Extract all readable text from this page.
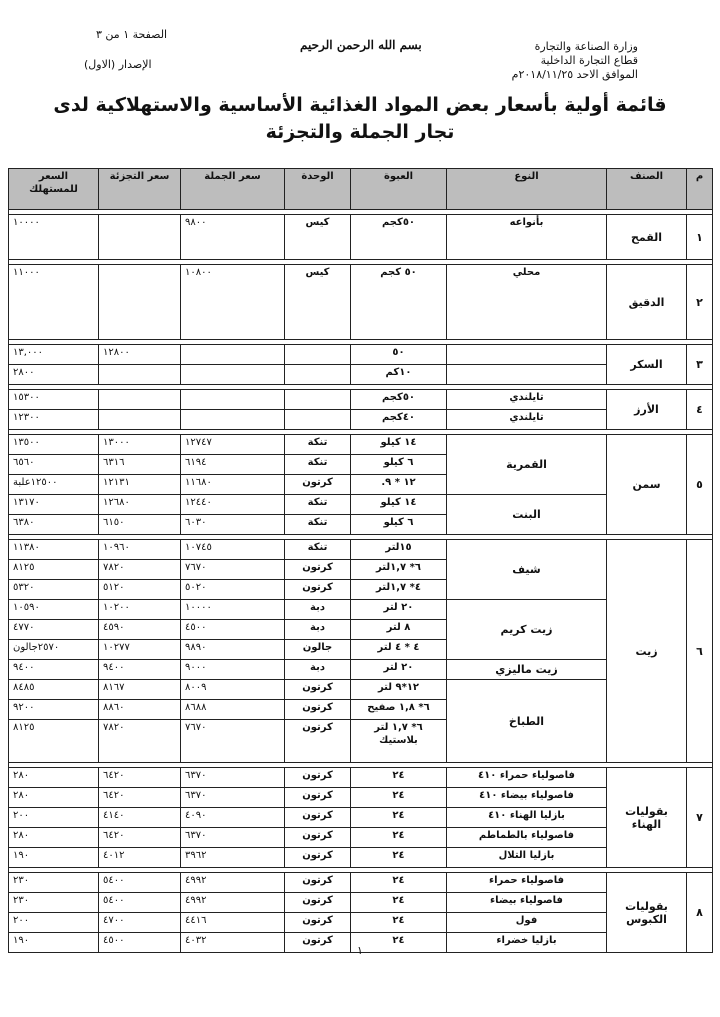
وزارة الصناعة والتجارة
قطاع التجارة الداخلية
الموافق الاحد ٢٠١٨/١١/٢٥م
بسم الله الرحمن الرحيم
الصفحة ١ من ٣
الإصدار (الاول)
قائمة أولية بأسعار بعض المواد الغذائية الأساسية والاستهلاكية لدى
تجار الجملة والتجزئة
م	الصنف	النوع	العبوة	الوحدة	سعر الجملة	سعر التجزئة	السعر للمستهلك

١	القمح	بأنواعه	٥٠كجم	كيس	٩٨٠٠		١٠٠٠٠

٢	الدقيق	محلي	٥٠ كجم	كيس	١٠٨٠٠		١١٠٠٠

٣	السكر		٥٠			١٢٨٠٠	١٣,٠٠٠
			١٠كم				٢٨٠٠

٤	الأرز	تايلندي	٥٠كجم				١٥٣٠٠
		تايلندي	٤٠كجم				١٢٣٠٠

٥	سمن	القمرية	١٤ كيلو	تنكة	١٢٧٤٧	١٣٠٠٠	١٣٥٠٠
			٦ كيلو	تنكة	٦١٩٤	٦٣١٦	٦٥٦٠
			١٢ * ٩.	كرتون	١١٦٨٠	١٢١٣١	١٢٥٠٠علبة
		البنت	١٤ كيلو	تنكة	١٢٤٤٠	١٢٦٨٠	١٣١٧٠
			٦ كيلو	تنكة	٦٠٣٠	٦١٥٠	٦٣٨٠

٦	زيت	شيف	١٥لتر	تنكة	١٠٧٤٥	١٠٩٦٠	١١٣٨٠
			٦* ١,٧لتر	كرتون	٧٦٧٠	٧٨٢٠	٨١٢٥
			٤* ١,٧لتر	كرتون	٥٠٢٠	٥١٢٠	٥٣٢٠
		زيت كريم	٢٠ لتر	دبة	١٠٠٠٠	١٠٢٠٠	١٠٥٩٠
			٨ لتر	دبة	٤٥٠٠	٤٥٩٠	٤٧٧٠
			٤ * ٤ لتر	جالون	٩٨٩٠	١٠٢٧٧	٢٥٧٠جالون
		زيت ماليزي	٢٠ لتر	دبة	٩٠٠٠	٩٤٠٠	٩٤٠٠
		الطباخ	١٢*٩ لتر	كرتون	٨٠٠٩	٨١٦٧	٨٤٨٥
			٦* ١,٨ صفيح	كرتون	٨٦٨٨	٨٨٦٠	٩٢٠٠
			٦* ١,٧ لتر بلاستيك	كرتون	٧٦٧٠	٧٨٢٠	٨١٢٥

٧	بقوليات الهناء	فاصولياء حمراء ٤١٠	٢٤	كرتون	٦٣٧٠	٦٤٢٠	٢٨٠
		فاصولياء بيضاء ٤١٠	٢٤	كرتون	٦٣٧٠	٦٤٢٠	٢٨٠
		بازليا الهناء ٤١٠	٢٤	كرتون	٤٠٩٠	٤١٤٠	٢٠٠
		فاصولياء بالطماطم	٢٤	كرتون	٦٣٧٠	٦٤٢٠	٢٨٠
		بازليا التلال	٢٤	كرتون	٣٩٦٢	٤٠١٢	١٩٠

٨	بقوليات الكبوس	فاصولياء حمراء	٢٤	كرتون	٤٩٩٢	٥٤٠٠	٢٣٠
		فاصولياء بيضاء	٢٤	كرتون	٤٩٩٢	٥٤٠٠	٢٣٠
		فول	٢٤	كرتون	٤٤١٦	٤٧٠٠	٢٠٠
		بازليا خضراء	٢٤	كرتون	٤٠٣٢	٤٥٠٠	١٩٠
١
